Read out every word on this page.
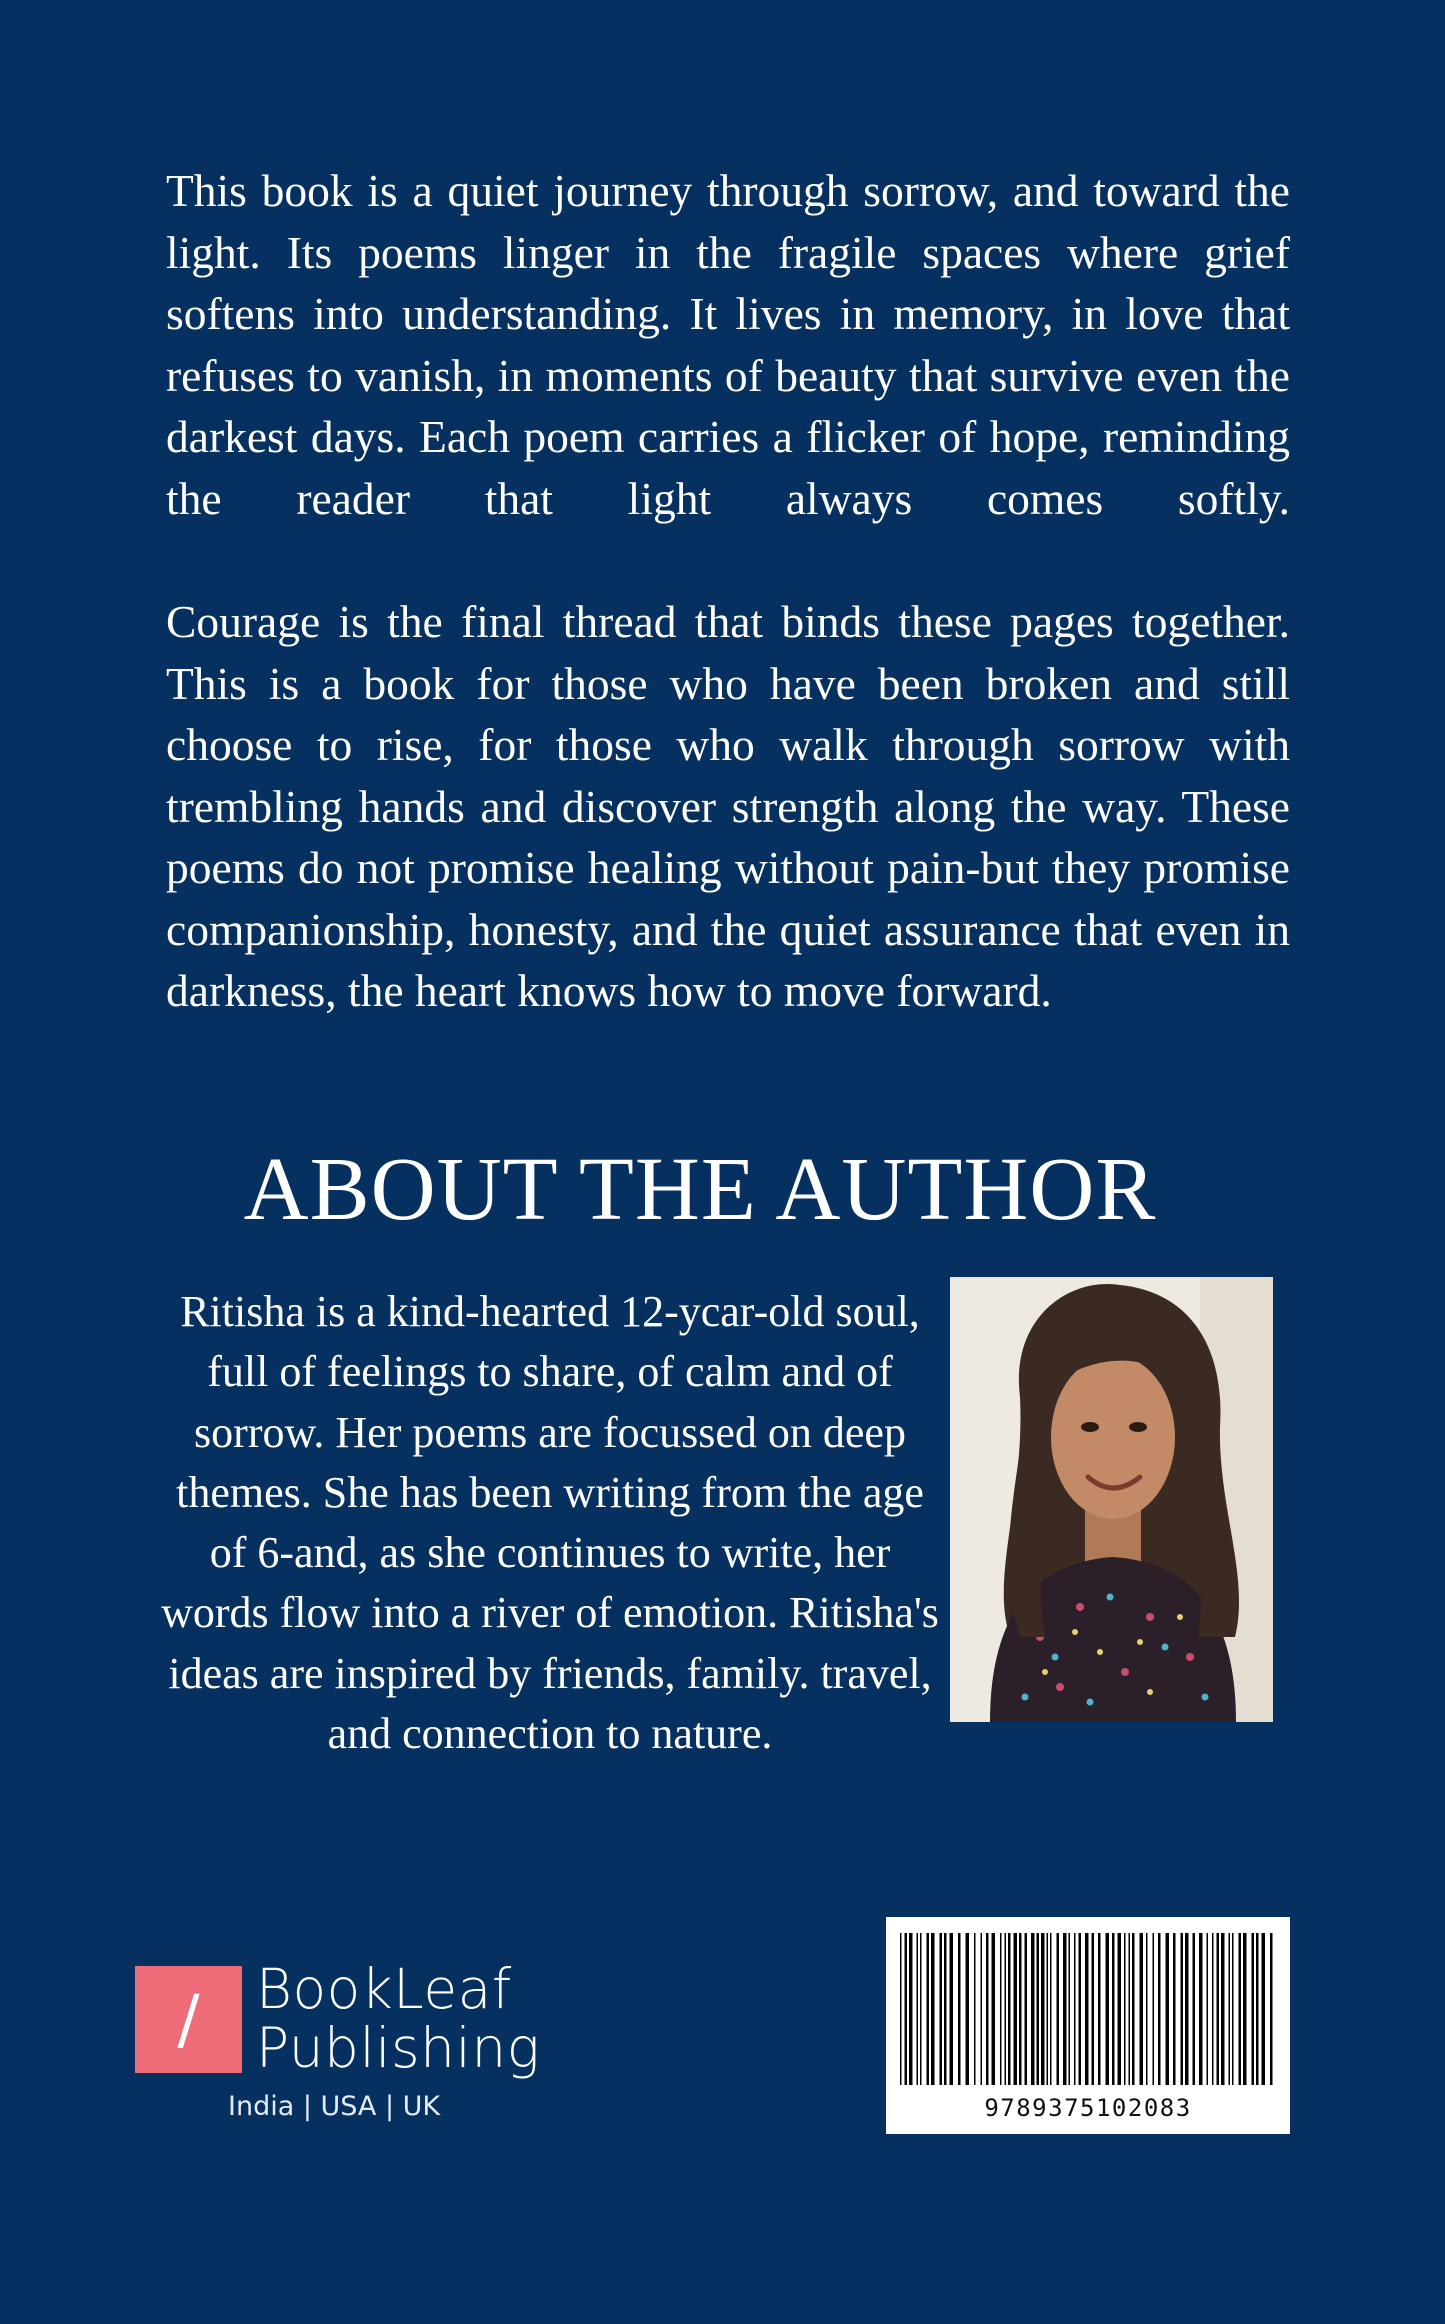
This book is a quiet journey through sorrow, and toward the light. Its poems linger in the fragile spaces where grief softens into understanding. It lives in memory, in love that refuses to vanish, in moments of beauty that survive even the darkest days. Each poem carries a flicker of hope, reminding the reader that light always comes softly.

Courage is the final thread that binds these pages together. This is a book for those who have been broken and still choose to rise, for those who walk through sorrow with trembling hands and discover strength along the way. These poems do not promise healing without pain-but they promise companionship, honesty, and the quiet assurance that even in darkness, the heart knows how to move forward.

ABOUT THE AUTHOR

Ritisha is a kind-hearted 12-ycar-old soul, full of feelings to share, of calm and of sorrow. Her poems are focussed on deep themes. She has been writing from the age of 6-and, as she continues to write, her words flow into a river of emotion. Ritisha's ideas are inspired by friends, family. travel, and connection to nature.

/	BookLeaf
Publishing

India | USA | UK	9789375102083
